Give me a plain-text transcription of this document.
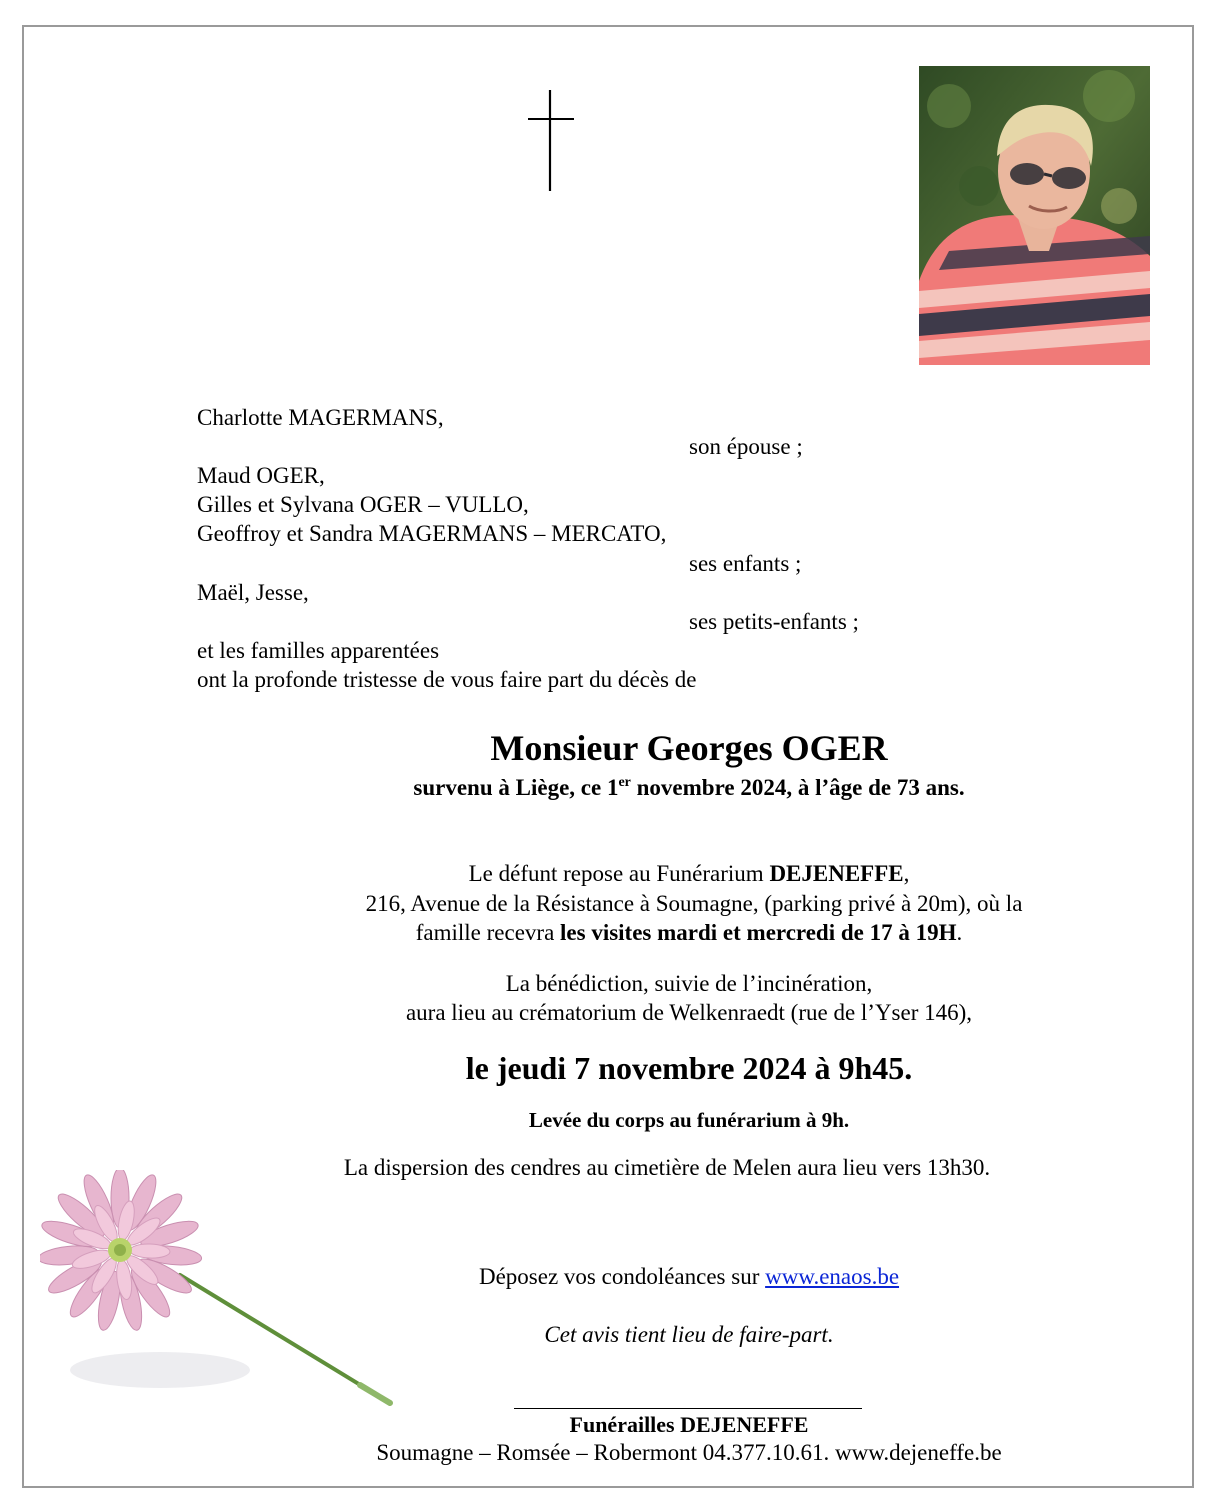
Charlotte MAGERMANS,
son épouse ;
Maud OGER,
Gilles et Sylvana OGER – VULLO,
Geoffroy et Sandra MAGERMANS – MERCATO,
ses enfants ;
Maël, Jesse,
ses petits-enfants ;
et les familles apparentées
ont la profonde tristesse de vous faire part du décès de
Monsieur Georges OGER
survenu à Liège, ce 1er novembre 2024, à l’âge de 73 ans.
Le défunt repose au Funérarium DEJENEFFE,
216, Avenue de la Résistance à Soumagne, (parking privé à 20m), où la
famille recevra les visites mardi et mercredi de 17 à 19H.
La bénédiction, suivie de l’incinération,
aura lieu au crématorium de Welkenraedt (rue de l’Yser 146),
le jeudi 7 novembre 2024 à 9h45.
Levée du corps au funérarium à 9h.
La dispersion des cendres au cimetière de Melen aura lieu vers 13h30.
Déposez vos condoléances sur www.enaos.be
Cet avis tient lieu de faire-part.
Funérailles DEJENEFFE
Soumagne – Romsée – Robermont 04.377.10.61. www.dejeneffe.be
